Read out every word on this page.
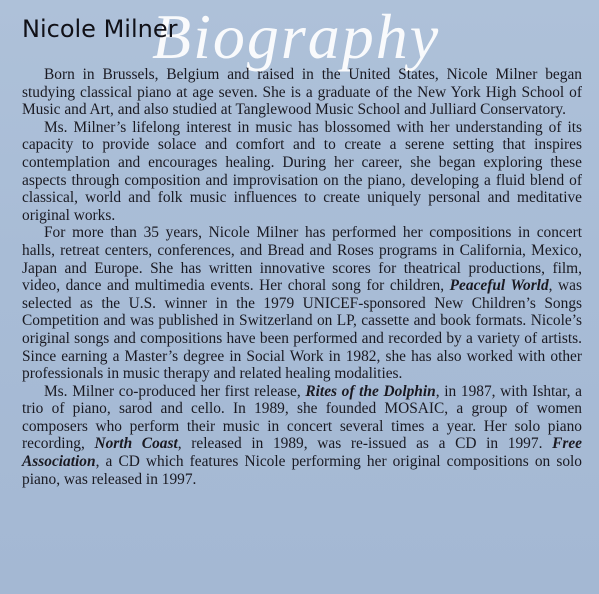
Biography
Nicole Milner

Born in Brussels, Belgium and raised in the United States, Nicole Milner began studying classical piano at age seven. She is a graduate of the New York High School of Music and Art, and also studied at Tanglewood Music School and Julliard Conservatory.

Ms. Milner’s lifelong interest in music has blossomed with her understanding of its capacity to provide solace and comfort and to create a serene setting that inspires contemplation and encourages healing. During her career, she began exploring these aspects through composition and improvisation on the piano, developing a fluid blend of classical, world and folk music influences to create uniquely personal and meditative original works.

For more than 35 years, Nicole Milner has performed her compositions in concert halls, retreat centers, conferences, and Bread and Roses programs in California, Mexico, Japan and Europe. She has written innovative scores for theatrical productions, film, video, dance and multimedia events. Her choral song for children, Peaceful World, was selected as the U.S. winner in the 1979 UNICEF-sponsored New Children’s Songs Competition and was published in Switzerland on LP, cassette and book formats. Nicole’s original songs and compositions have been performed and recorded by a variety of artists. Since earning a Master’s degree in Social Work in 1982, she has also worked with other professionals in music therapy and related healing modalities.

Ms. Milner co-produced her first release, Rites of the Dolphin, in 1987, with Ishtar, a trio of piano, sarod and cello. In 1989, she founded MOSAIC, a group of women composers who perform their music in concert several times a year. Her solo piano recording, North Coast, released in 1989, was re-issued as a CD in 1997. Free Association, a CD which features Nicole performing her original compositions on solo piano, was released in 1997.
